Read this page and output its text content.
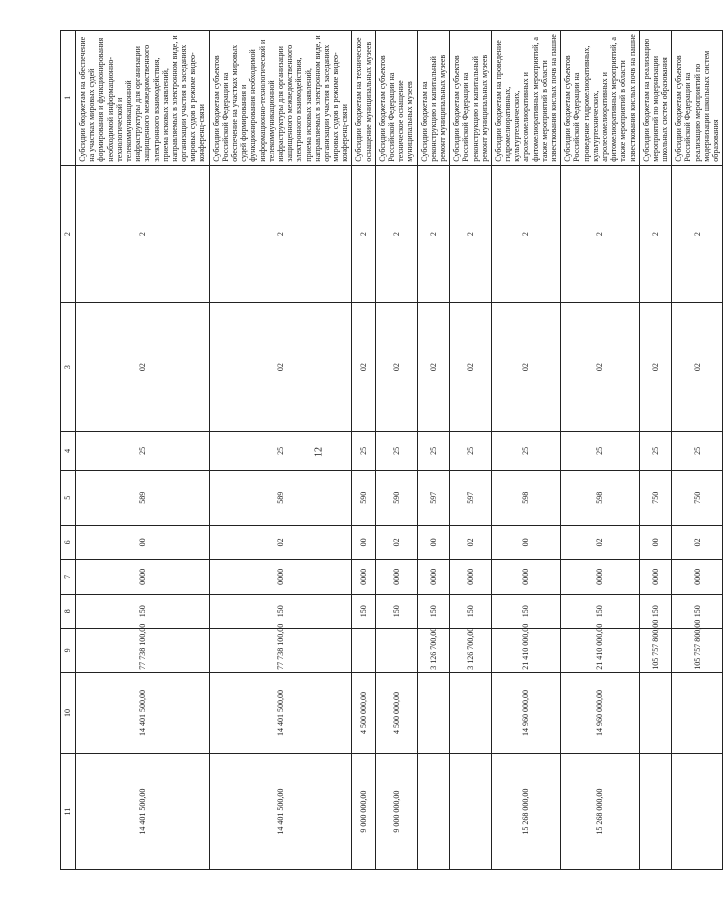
12
11	10	9	8	7	6	5	4	3	2	1
14 401 500,00	14 401 500,00	77 738 100,00	150	0000	00	589	25	02	2	Субсидии бюджетам на обеспечение на участках мировых судей формирования и функционирования необходимой информационно-технологической и телекоммуникационной инфраструктуры для организации защищенного межведомственного электронного взаимодействия, приема исковых заявлений, направляемых в электронном виде, и организации участия в заседаниях мировых судов в режиме видео-конференц-связи
14 401 500,00	14 401 500,00	77 738 100,00	150	0000	02	589	25	02	2	Субсидии бюджетам субъектов Российской Федерации на обеспечение на участках мировых судей формирования и функционирования необходимой информационно-технологической и телекоммуникационной инфраструктуры для организации защищенного межведомственного электронного взаимодействия, приема исковых заявлений, направляемых в электронном виде, и организации участия в заседаниях мировых судов в режиме видео-конференц-связи
9 000 000,00	4 500 000,00		150	0000	00	590	25	02	2	Субсидии бюджетам на техническое оснащение муниципальных музеев
9 000 000,00	4 500 000,00		150	0000	02	590	25	02	2	Субсидии бюджетам субъектов Российской Федерации на техническое оснащение муниципальных музеев
		3 126 700,00	150	0000	00	597	25	02	2	Субсидии бюджетам на реконструкцию и капитальный ремонт муниципальных музеев
		3 126 700,00	150	0000	02	597	25	02	2	Субсидии бюджетам субъектов Российской Федерации на реконструкцию и капитальный ремонт муниципальных музеев
15 268 000,00	14 960 000,00	21 410 000,00	150	0000	00	598	25	02	2	Субсидии бюджетам на проведение гидромелиоративных, культуртехнических, агролесомелиоративных и фитомелиоративных мероприятий, а также мероприятий в области известкования кислых почв на пашне
15 268 000,00	14 960 000,00	21 410 000,00	150	0000	02	598	25	02	2	Субсидии бюджетам субъектов Российской Федерации на проведение гидромелиоративных, культуртехнических, агролесомелиоративных и фитомелиоративных мероприятий, а также мероприятий в области известкования кислых почв на пашне
		105 757 800,00	150	0000	00	750	25	02	2	Субсидии бюджетам на реализацию мероприятий по модернизации школьных систем образования
		105 757 800,00	150	0000	02	750	25	02	2	Субсидии бюджетам субъектов Российской Федерации на реализацию мероприятий по модернизации школьных систем образования
